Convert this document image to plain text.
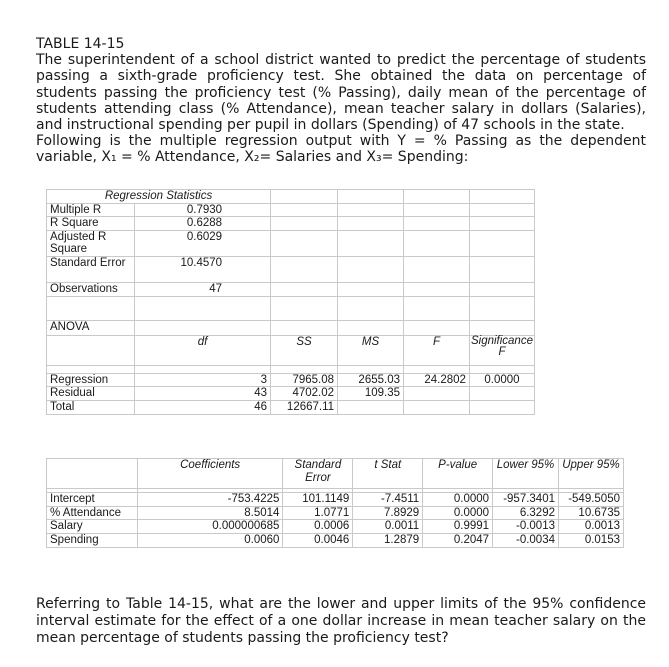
TABLE 14-15

The superintendent of a school district wanted to predict the percentage of students passing a sixth-grade proficiency test. She obtained the data on percentage of students passing the proficiency test (% Passing), daily mean of the percentage of students attending class (% Attendance), mean teacher salary in dollars (Salaries), and instructional spending per pupil in dollars (Spending) of 47 schools in the state.

Following is the multiple regression output with Y = % Passing as the dependent

variable, X₁ = % Attendance, X₂= Salaries and X₃= Spending:

Regression Statistics					
Multiple R	0.7930				
R Square	0.6288				
Adjusted R Square	0.6029				
Standard Error	10.4570				
Observations	47				

ANOVA					
	df	SS	MS	F	Significance F

Regression	3	7965.08	2655.03	24.2802	0.0000
Residual	43	4702.02	109.35		
Total	46	12667.11			
	Coefficients	Standard Error	t Stat	P-value	Lower 95%	Upper 95%

Intercept	-753.4225	101.1149	-7.4511	0.0000	-957.3401	-549.5050
% Attendance	8.5014	1.0771	7.8929	0.0000	6.3292	10.6735
Salary	0.000000685	0.0006	0.0011	0.9991	-0.0013	0.0013
Spending	0.0060	0.0046	1.2879	0.2047	-0.0034	0.0153

Referring to Table 14-15, what are the lower and upper limits of the 95% confidence interval estimate for the effect of a one dollar increase in mean teacher salary on the mean percentage of students passing the proficiency test?
